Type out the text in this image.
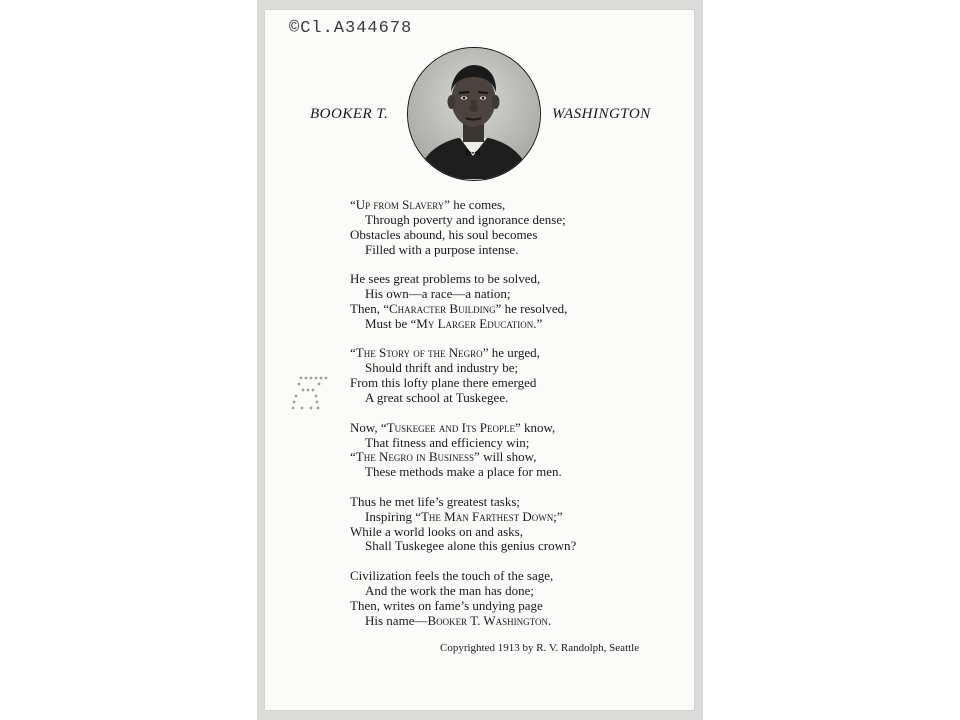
©Cl.A344678
BOOKER T.	WASHINGTON
“Up from Slavery” he comes,
Through poverty and ignorance dense;
Obstacles abound, his soul becomes
Filled with a purpose intense.
He sees great problems to be solved,
His own—a race—a nation;
Then, “Character Building” he resolved,
Must be “My Larger Education.”
“The Story of the Negro” he urged,
Should thrift and industry be;
From this lofty plane there emerged
A great school at Tuskegee.
Now, “Tuskegee and Its People” know,
That fitness and efficiency win;
“The Negro in Business” will show,
These methods make a place for men.
Thus he met life’s greatest tasks;
Inspiring “The Man Farthest Down;”
While a world looks on and asks,
Shall Tuskegee alone this genius crown?
Civilization feels the touch of the sage,
And the work the man has done;
Then, writes on fame’s undying page
His name—Booker T. Washington.
Copyrighted 1913 by R. V. Randolph, Seattle
